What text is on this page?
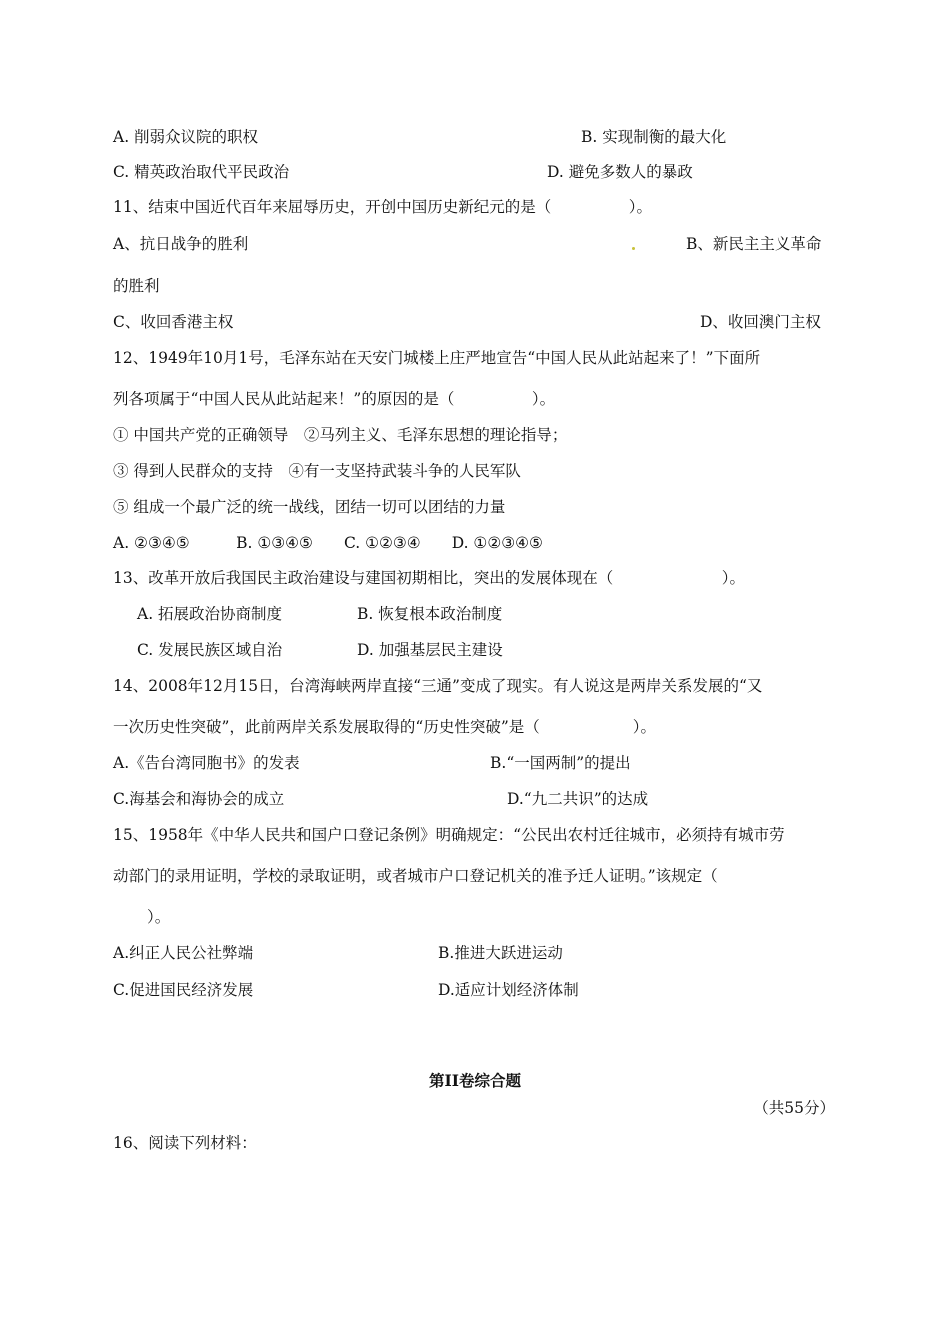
A. 削弱众议院的职权	B. 实现制衡的最大化
C. 精英政治取代平民政治	D. 避免多数人的暴政
11、结束中国近代百年来屈辱历史，开创中国历史新纪元的是（　　　　　）。
A、抗日战争的胜利	B、新民主主义革命
的胜利
C、收回香港主权	D、收回澳门主权
12、1949年10月1号，毛泽东站在天安门城楼上庄严地宣告“中国人民从此站起来了！”下面所
列各项属于“中国人民从此站起来！”的原因的是（　　　　　）。
① 中国共产党的正确领导　②马列主义、毛泽东思想的理论指导；
③ 得到人民群众的支持　④有一支坚持武装斗争的人民军队
⑤ 组成一个最广泛的统一战线，团结一切可以团结的力量
A. ②③④⑤　　　B. ①③④⑤　　C. ①②③④　　D. ①②③④⑤
13、改革开放后我国民主政治建设与建国初期相比，突出的发展体现在（　　　　　　　）。
A. 拓展政治协商制度	B. 恢复根本政治制度
C. 发展民族区域自治	D. 加强基层民主建设
14、2008年12月15日，台湾海峡两岸直接“三通”变成了现实。有人说这是两岸关系发展的“又
一次历史性突破”，此前两岸关系发展取得的“历史性突破”是（　　　　　　）。
A.《告台湾同胞书》的发表	B.“一国两制”的提出
C.海基会和海协会的成立	D.“九二共识”的达成
15、1958年《中华人民共和国户口登记条例》明确规定：“公民出农村迁往城市，必须持有城市劳
动部门的录用证明，学校的录取证明，或者城市户口登记机关的准予迁人证明。”该规定（
）。
A.纠正人民公社弊端	B.推进大跃进运动
C.促进国民经济发展	D.适应计划经济体制
第II卷综合题
（共55分）
16、阅读下列材料：
